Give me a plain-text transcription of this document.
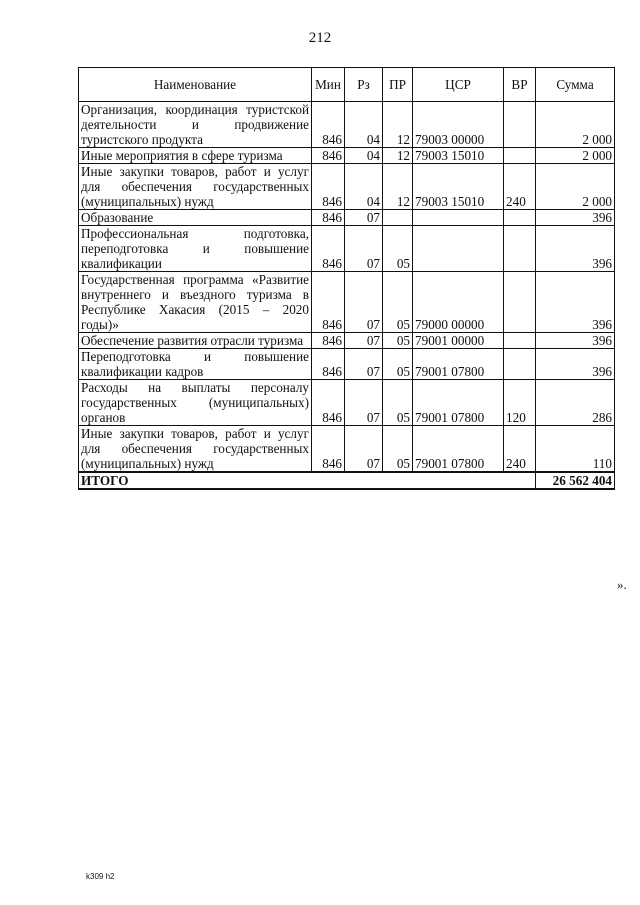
212
Наименование	Мин	Рз	ПР	ЦСР	ВР	Сумма
Организация, координация туристской деятельности и продвижение туристского продукта	846	04	12	79003 00000		2 000
Иные мероприятия в сфере туризма	846	04	12	79003 15010		2 000
Иные закупки товаров, работ и услуг для обеспечения государственных (муниципальных) нужд	846	04	12	79003 15010	240	2 000
Образование	846	07				396
Профессиональная подготовка, переподготовка и повышение квалификации	846	07	05			396
Государственная программа «Развитие внутреннего и въездного туризма в Республике Хакасия (2015 – 2020 годы)»	846	07	05	79000 00000		396
Обеспечение развития отрасли туризма	846	07	05	79001 00000		396
Переподготовка и повышение квалификации кадров	846	07	05	79001 07800		396
Расходы на выплаты персоналу государственных (муниципальных) органов	846	07	05	79001 07800	120	286
Иные закупки товаров, работ и услуг для обеспечения государственных (муниципальных) нужд	846	07	05	79001 07800	240	110
ИТОГО						26 562 404
».
k309 h2
